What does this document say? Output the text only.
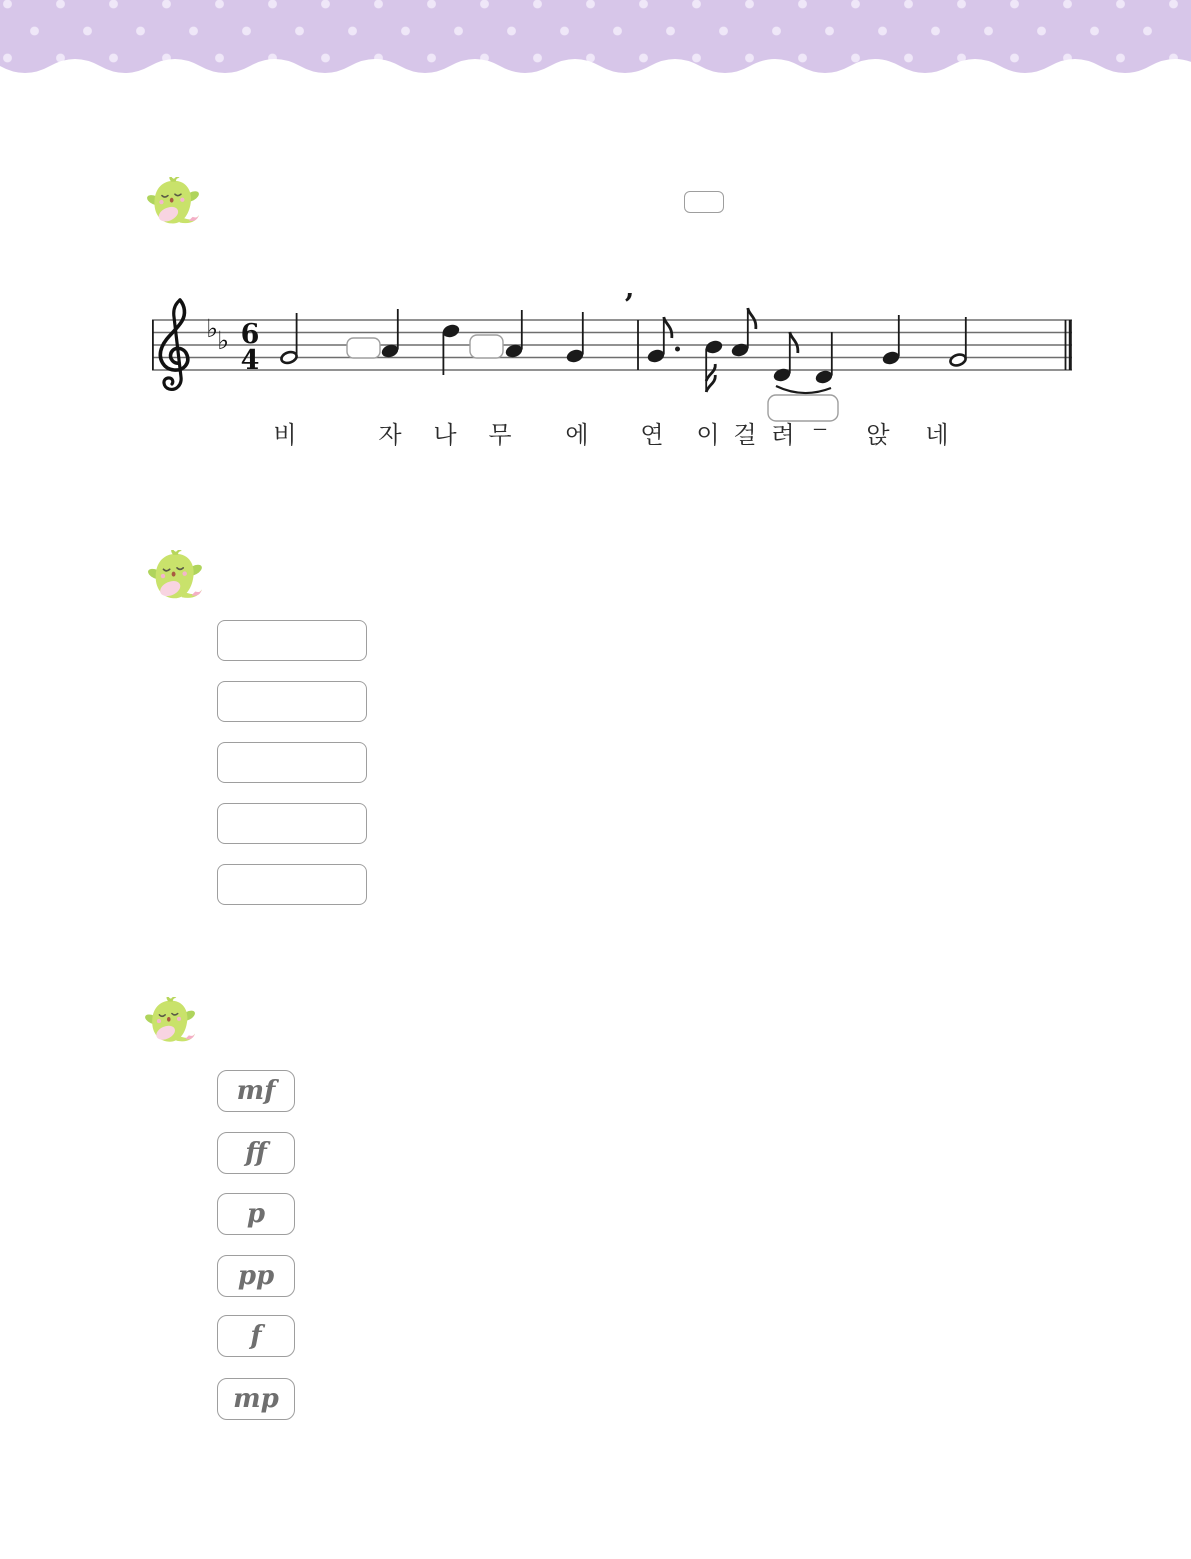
♭ ♭ 6
4
’
비	자 나 무 에 연 이 걸 려 – 앉 네
mf
ff
p
pp
f
mp
